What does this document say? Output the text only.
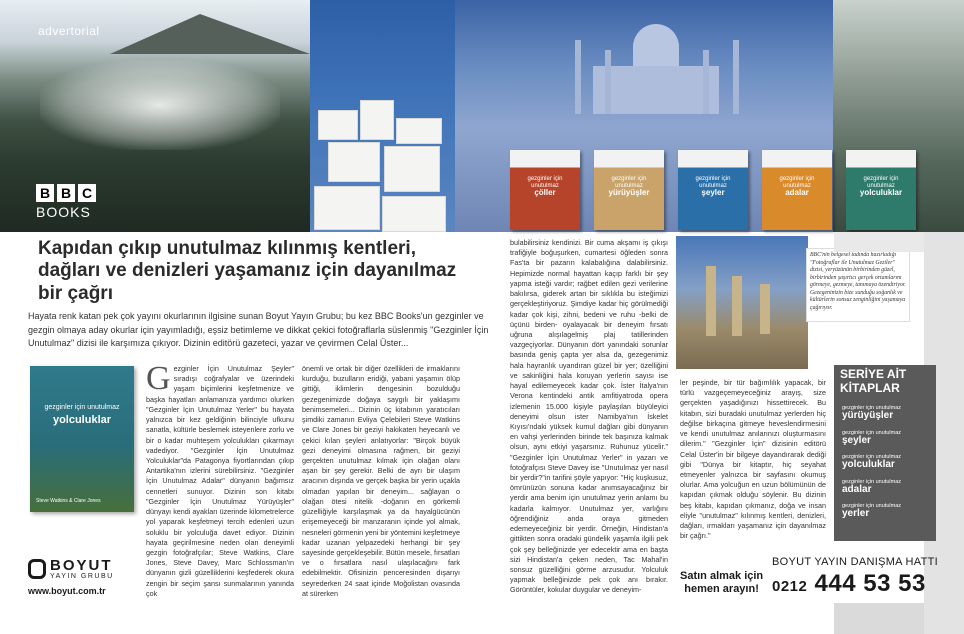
gezginler için unutulmaz
çöller
gezginler için unutulmaz
yürüyüşler
gezginler için unutulmaz
şeyler
gezginler için unutulmaz
adalar
gezginler için unutulmaz
yolculuklar
advertorial
B B C
BOOKS
Kapıdan çıkıp unutulmaz kılınmış kentleri, dağları ve denizleri yaşamanız için dayanılmaz bir çağrı

Hayata renk katan pek çok yayını okurlarının ilgisine sunan Boyut Yayın Grubu; bu kez BBC Books'un gezginler ve gezgin olmaya aday okurlar için yayımladığı, eşsiz betimleme ve dikkat çekici fotoğraflarla süslenmiş "Gezginler İçin Unutulmaz" dizisi ile karşımıza çıkıyor. Dizinin editörü gazeteci, yazar ve çevirmen Celal Üster...

gezginler için unutulmaz
yolculuklar
Steve Watkins & Clare Jones
Gezginler İçin Unutulmaz Şeyler" sıradışı coğrafyalar ve üzerindeki yaşam biçimlerini keşfetmenize ve başka hayatları anlamanıza yardımcı olurken "Gezginler İçin Unutulmaz Yerler" bu hayata yalnızca bir kez geldiğinin bilinciyle ufkunu sanatla, kültürle beslemek isteyenlere zorlu ve bir o kadar muhteşem yolculukları çıkarmayı vadediyor. "Gezginler İçin Unutulmaz Yolculuklar"da Patagonya fiyortlarından çıkıp Antartika'nın izlerini sürebilirsiniz. "Gezginler İçin Unutulmaz Adalar" dünyanın bağımsız cennetleri sunuyor. Dizinin son kitabı "Gezginler İçin Unutulmaz Yürüyüşler" dünyayı kendi ayakları üzerinde kilometrelerce yol yaparak keşfetmeyi tercih edenleri uzun soluklu bir yolculuğa davet ediyor. Dizinin hayata geçirilmesine neden olan deneyimli gezgin fotoğrafçılar; Steve Watkins, Clare Jones, Steve Davey, Marc Schlossman'ın dünyanın gizli güzelliklerini keşfederek okura zengin bir seçim şansı sunmalarının yanında çok
önemli ve ortak bir diğer özellikleri de irmaklarını kurduğu, buzulların eridiği, yabani yaşamın ölüp gittiği, iklimlerin dengesinin bozulduğu gezegenimizde doğaya saygılı bir yaklaşımı benimsemeleri... Dizinin üç kitabının yaratıcıları şimdiki zamanın Evliya Çelebileri Steve Watkins ve Clare Jones bir geziyi hakikaten heyecanlı ve çekici kılan şeyleri anlatıyorlar: "Birçok büyük gezi deneyimi olmasına rağmen, bir geziyi gerçekten unutulmaz kılmak için olağan olanı aşan bir şey gerekir. Belki de ayrı bir ulaşım aracının dışında ve gerçek başka bir yerin uçakla olmadan yapılan bir deneyim... sağlayan o olağan ötesi nitelik -doğanın en görkemli güzelliğiyle karşılaşmak ya da hayalgücünün erişemeyeceği bir manzaranın içinde yol almak, nesneleri görmenin yeni bir yöntemini keşfetmeye kadar uzanan yelpazedeki herhangi bir şey sayesinde gerçekleşebilir. Bütün mesele, fırsatları ve o fırsatlara nasıl ulaşılacağını fark edebilmektir. Ofisinizin penceresinden dışarıyı seyrederken 24 saat içinde Moğolistan ovasında at sürerken
bulabilirsiniz kendinizi. Bir cuma akşamı iş çıkışı trafiğiyle boğuşurken, cumartesi öğleden sonra Fas'ta bir pazarın kalabalığına dalabilirsiniz. Hepimizde normal hayattan kaçıp farklı bir şey yapma isteği vardır; rağbet edilen gezi verilerine bakılırsa, giderek artan bir sıklıkla bu isteğimizi gerçekleştiriyoruz. Şimdiye kadar hiç görülmediği kadar çok kişi, zihni, bedeni ve ruhu -belki de üçünü birden- oyalayacak bir deneyim fırsatı uğruna alışılagelmiş plaj tatillerinden vazgeçiyorlar. Dünyanın dört yanındaki sorunlar basında geniş çapta yer alsa da, gezegenimiz hala hayranlık uyandıran güzel bir yer; özelliğini ve sakinliğini hala koruyan yerlerin sayısı ise hayal edilemeyecek kadar çok. İster İtalya'nın Verona kentindeki antik amfitiyatroda opera izlemenin 15.000 kişiyle paylaşılan büyüleyici deneyimi olsun ister Namibya'nın İskelet Kıyısı'ndaki yüksek kumul dağları gibi dünyanın en vahşi yerlerinden birinde tek başınıza kalmak olsun, aynı etkiyi yaşarsınız. Ruhunuz yücelir." "Gezginler İçin Unutulmaz Yerler" in yazarı ve fotoğrafçısı Steve Davey ise "Unutulmaz yer nasıl bir yerdir?"in tarifini şöyle yapıyor: "Hiç kuşkusuz, ömrünüzün sonuna kadar anımsayacağınız bir yerdir ama benim için unutulmaz yerin anlamı bu kadarla kalmıyor. Unutulmaz yer, varlığını öğrendiğiniz anda oraya gitmeden edemeyeceğiniz bir yerdir. Örneğin, Hindistan'a gittikten sonra oradaki gündelik yaşamla ilgili pek çok şey belleğinizde yer edecektir ama en başta sizi Hindistan'a çeken neden, Tac Mahal'in sonsuz güzelliğini görme arzusudur. Yolculuk yapmak belleğinizde pek çok anı bırakır. Görüntüler, kokular duygular ve deneyim-
ler peşinde, bir tür bağımlılık yapacak, bir türlü vazgeçemeyeceğiniz arayış, size gerçekten yaşadığınızı hissettirecek. Bu kitabın, sizi buradaki unutulmaz yerlerden hiç değilse birkaçına gitmeye heveslendirmesini ve kendi unutulmaz anılarınızı oluşturmasını dilerim." "Gezginler İçin" dizisinin editörü Celal Üster'in bir bilgeye dayandırarak dediği gibi "Dünya bir kitaptır, hiç seyahat etmeyenler yalnızca bir sayfasını okumuş olurlar. Ama yolcuğun en uzun bölümünün de kapıdan çıkmak olduğu söylenir. Bu dizinin beş kitabı, kapıdan çıkmanız, doğa ve insan eliyle "unutulmaz" kılınmış kentleri, denizleri, dağları, ırmakları yaşamanız için dayanılmaz bir çağrı."
BBC'nin belgesel tadında hazırladığı "Fotoğraflar ile Unutulmaz Geziler" dizisi, yeryüzünün birbirinden güzel, birbirinden şaşırtıcı gerçek ortamlarını görmeye, gezmeye, tanımaya özendiriyor. Gezegeninizin bize sunduğu soğanlık ve kültürlerin sonsuz zenginliğini yaşamaya çağırıyor.
SERİYE AİT KİTAPLAR
gezginler için unutulmaz
yürüyüşler
gezginler için unutulmaz
şeyler
gezginler için unutulmaz
yolculuklar
gezginler için unutulmaz
adalar
gezginler için unutulmaz
yerler
BOYUT
YAYIN GRUBU
www.boyut.com.tr
Satın almak için
hemen arayın!
BOYUT YAYIN DANIŞMA HATTI
0212 444 53 53
